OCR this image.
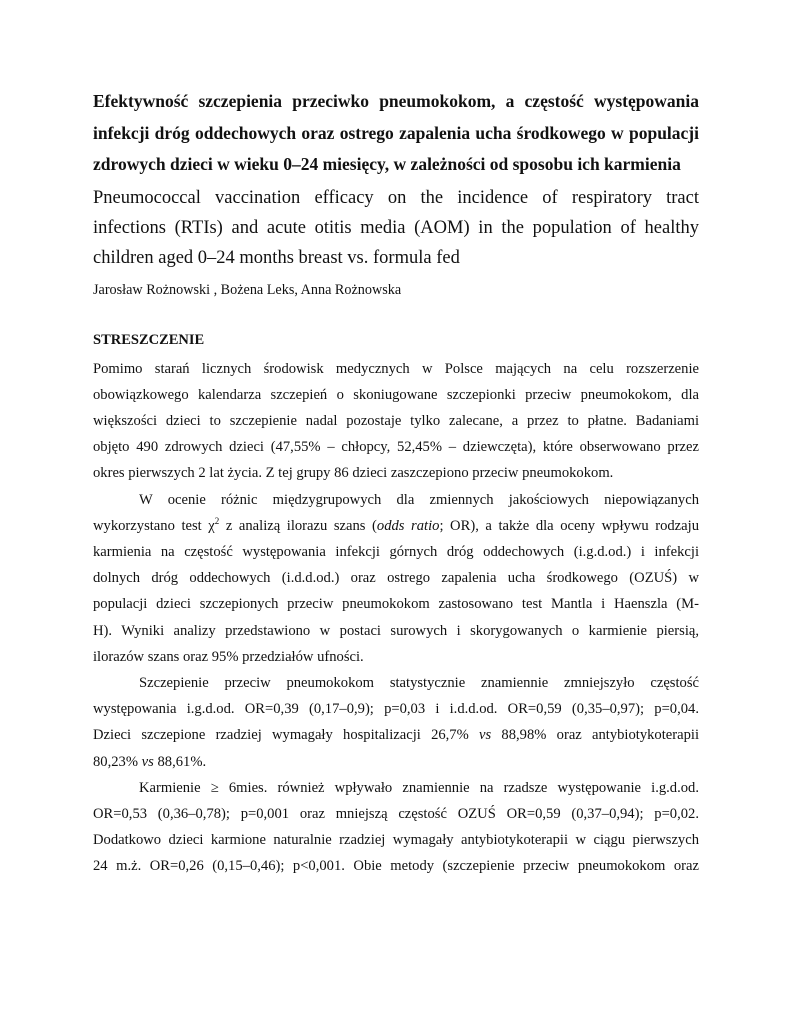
Efektywność szczepienia przeciwko pneumokokom, a częstość występowania infekcji dróg oddechowych oraz ostrego zapalenia ucha środkowego w populacji zdrowych dzieci w wieku 0–24 miesięcy, w zależności od sposobu ich karmienia

Pneumococcal vaccination efficacy on the incidence of respiratory tract infections (RTIs) and acute otitis media (AOM) in the population of healthy children aged 0–24 months breast vs. formula fed

Jarosław Rożnowski , Bożena Leks, Anna Rożnowska

STRESZCZENIE

Pomimo starań licznych środowisk medycznych w Polsce mających na celu rozszerzenie
obowiązkowego kalendarza szczepień o skoniugowane szczepionki przeciw pneumokokom, dla
większości dzieci to szczepienie nadal pozostaje tylko zalecane, a przez to płatne. Badaniami
objęto 490 zdrowych dzieci (47,55% – chłopcy, 52,45% – dziewczęta), które obserwowano przez
okres pierwszych 2 lat życia. Z tej grupy 86 dzieci zaszczepiono przeciw pneumokokom.
W ocenie różnic międzygrupowych dla zmiennych jakościowych niepowiązanych
wykorzystano test $\chi^2$ z analizą ilorazu szans (odds ratio; OR), a także dla oceny wpływu rodzaju
karmienia na częstość występowania infekcji górnych dróg oddechowych (i.g.d.od.) i infekcji
dolnych dróg oddechowych (i.d.d.od.) oraz ostrego zapalenia ucha środkowego (OZUŚ) w
populacji dzieci szczepionych przeciw pneumokokom zastosowano test Mantla i Haenszla (M-
H). Wyniki analizy przedstawiono w postaci surowych i skorygowanych o karmienie piersią,
ilorazów szans oraz 95% przedziałów ufności.
Szczepienie przeciw pneumokokom statystycznie znamiennie zmniejszyło częstość
występowania i.g.d.od. OR=0,39 (0,17–0,9); p=0,03 i i.d.d.od. OR=0,59 (0,35–0,97); p=0,04.
Dzieci szczepione rzadziej wymagały hospitalizacji 26,7% vs 88,98% oraz antybiotykoterapii
80,23% vs 88,61%.
Karmienie ≥ 6mies. również wpływało znamiennie na rzadsze występowanie i.g.d.od.
OR=0,53 (0,36–0,78); p=0,001 oraz mniejszą częstość OZUŚ OR=0,59 (0,37–0,94); p=0,02.
Dodatkowo dzieci karmione naturalnie rzadziej wymagały antybiotykoterapii w ciągu pierwszych
24 m.ż. OR=0,26 (0,15–0,46); p<0,001. Obie metody (szczepienie przeciw pneumokokom oraz
